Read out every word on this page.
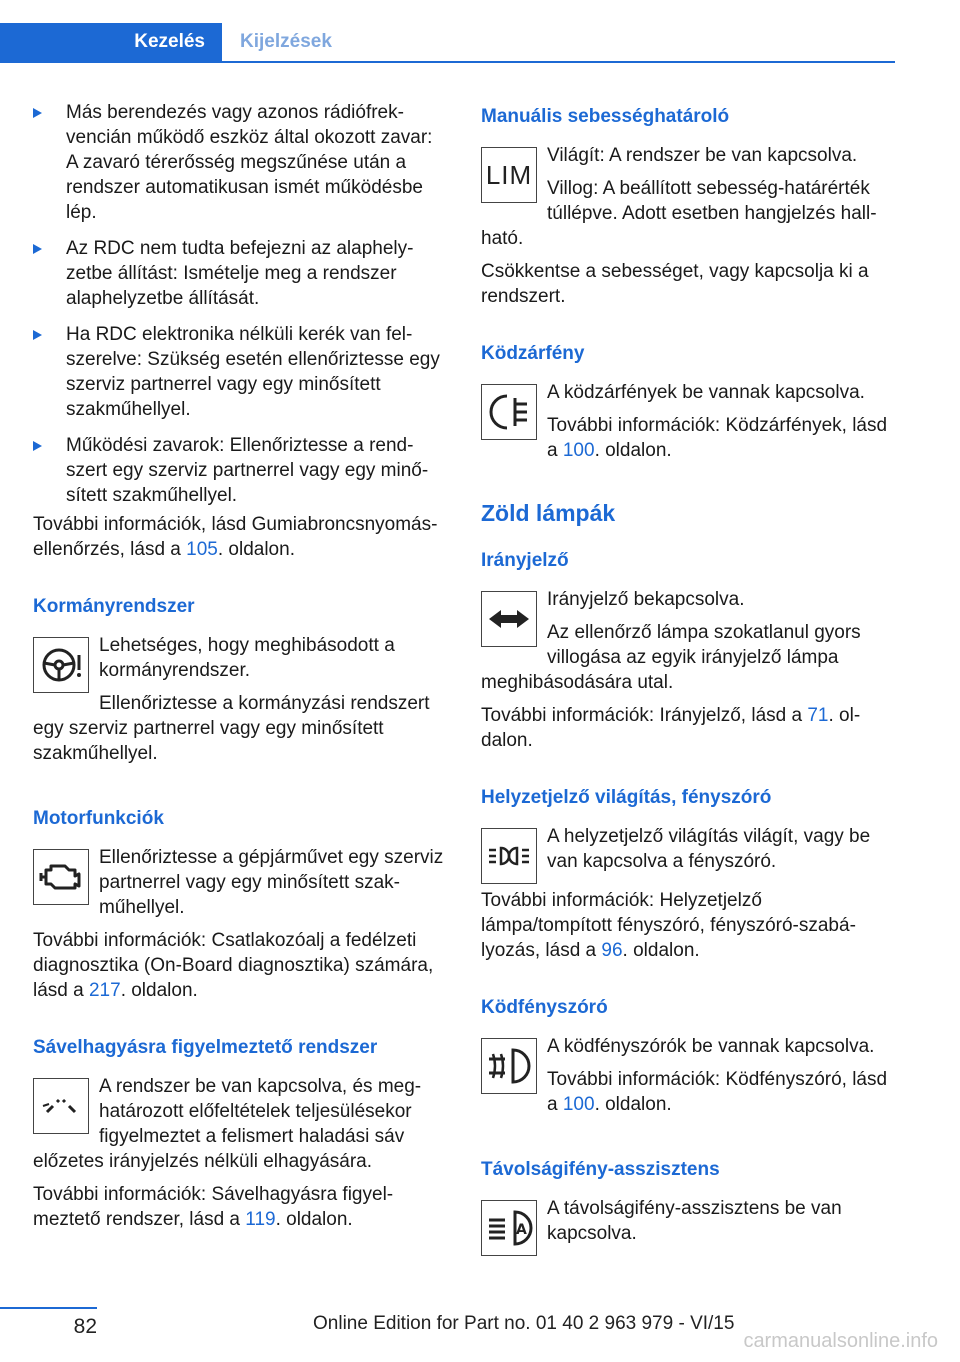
Kezelés Kijelzések
Más berendezés vagy azonos rádiófrekvencián működő eszköz által okozott zavar: A zavaró térerősség megszűnése után a rendszer automatikusan ismét működésbe lép.
Az RDC nem tudta befejezni az alaphelyzetbe állítást: Ismételje meg a rendszer alaphelyzetbe állítását.
Ha RDC elektronika nélküli kerék van felszerelve: Szükség esetén ellenőriztesse egy szerviz partnerrel vagy egy minősített szakműhellyel.
Működési zavarok: Ellenőriztesse a rendszert egy szerviz partnerrel vagy egy minősített szakműhellyel.

További információk, lásd Gumiabroncsnyomás-ellenőrzés, lásd a 105. oldalon.

Kormányrendszer

Lehetséges, hogy meghibásodott a kormányrendszer.

Ellenőriztesse a kormányzási rendszert egy szerviz partnerrel vagy egy minősített szakműhellyel.

Motorfunkciók

Ellenőriztesse a gépjárművet egy szerviz partnerrel vagy egy minősített szakműhellyel.

További információk: Csatlakozóalj a fedélzeti diagnosztika (On-Board diagnosztika) számára, lásd a 217. oldalon.

Sávelhagyásra figyelmeztető rendszer

A rendszer be van kapcsolva, és meghatározott előfeltételek teljesülésekor figyelmeztet a felismert haladási sáv előzetes irányjelzés nélküli elhagyására.

További információk: Sávelhagyásra figyelmeztető rendszer, lásd a 119. oldalon.

Manuális sebességhatároló
LIM

Világít: A rendszer be van kapcsolva.

Villog: A beállított sebesség-határérték túllépve. Adott esetben hangjelzés hallható.

Csökkentse a sebességet, vagy kapcsolja ki a rendszert.

Ködzárfény

A ködzárfények be vannak kapcsolva.

További információk: Ködzárfények, lásd a 100. oldalon.

Zöld lámpák
Irányjelző

Irányjelző bekapcsolva.

Az ellenőrző lámpa szokatlanul gyors villogása az egyik irányjelző lámpa meghibásodására utal.

További információk: Irányjelző, lásd a 71. oldalon.

Helyzetjelző világítás, fényszóró

A helyzetjelző világítás világít, vagy be van kapcsolva a fényszóró.

További információk: Helyzetjelző lámpa/tompított fényszóró, fényszóró-szabályozás, lásd a 96. oldalon.

Ködfényszóró

A ködfényszórók be vannak kapcsolva.

További információk: Ködfényszóró, lásd a 100. oldalon.

Távolságifény-asszisztens
A

A távolságifény-asszisztens be van kapcsolva.

82	Online Edition for Part no. 01 40 2 963 979 - VI/15
carmanualsonline.info
